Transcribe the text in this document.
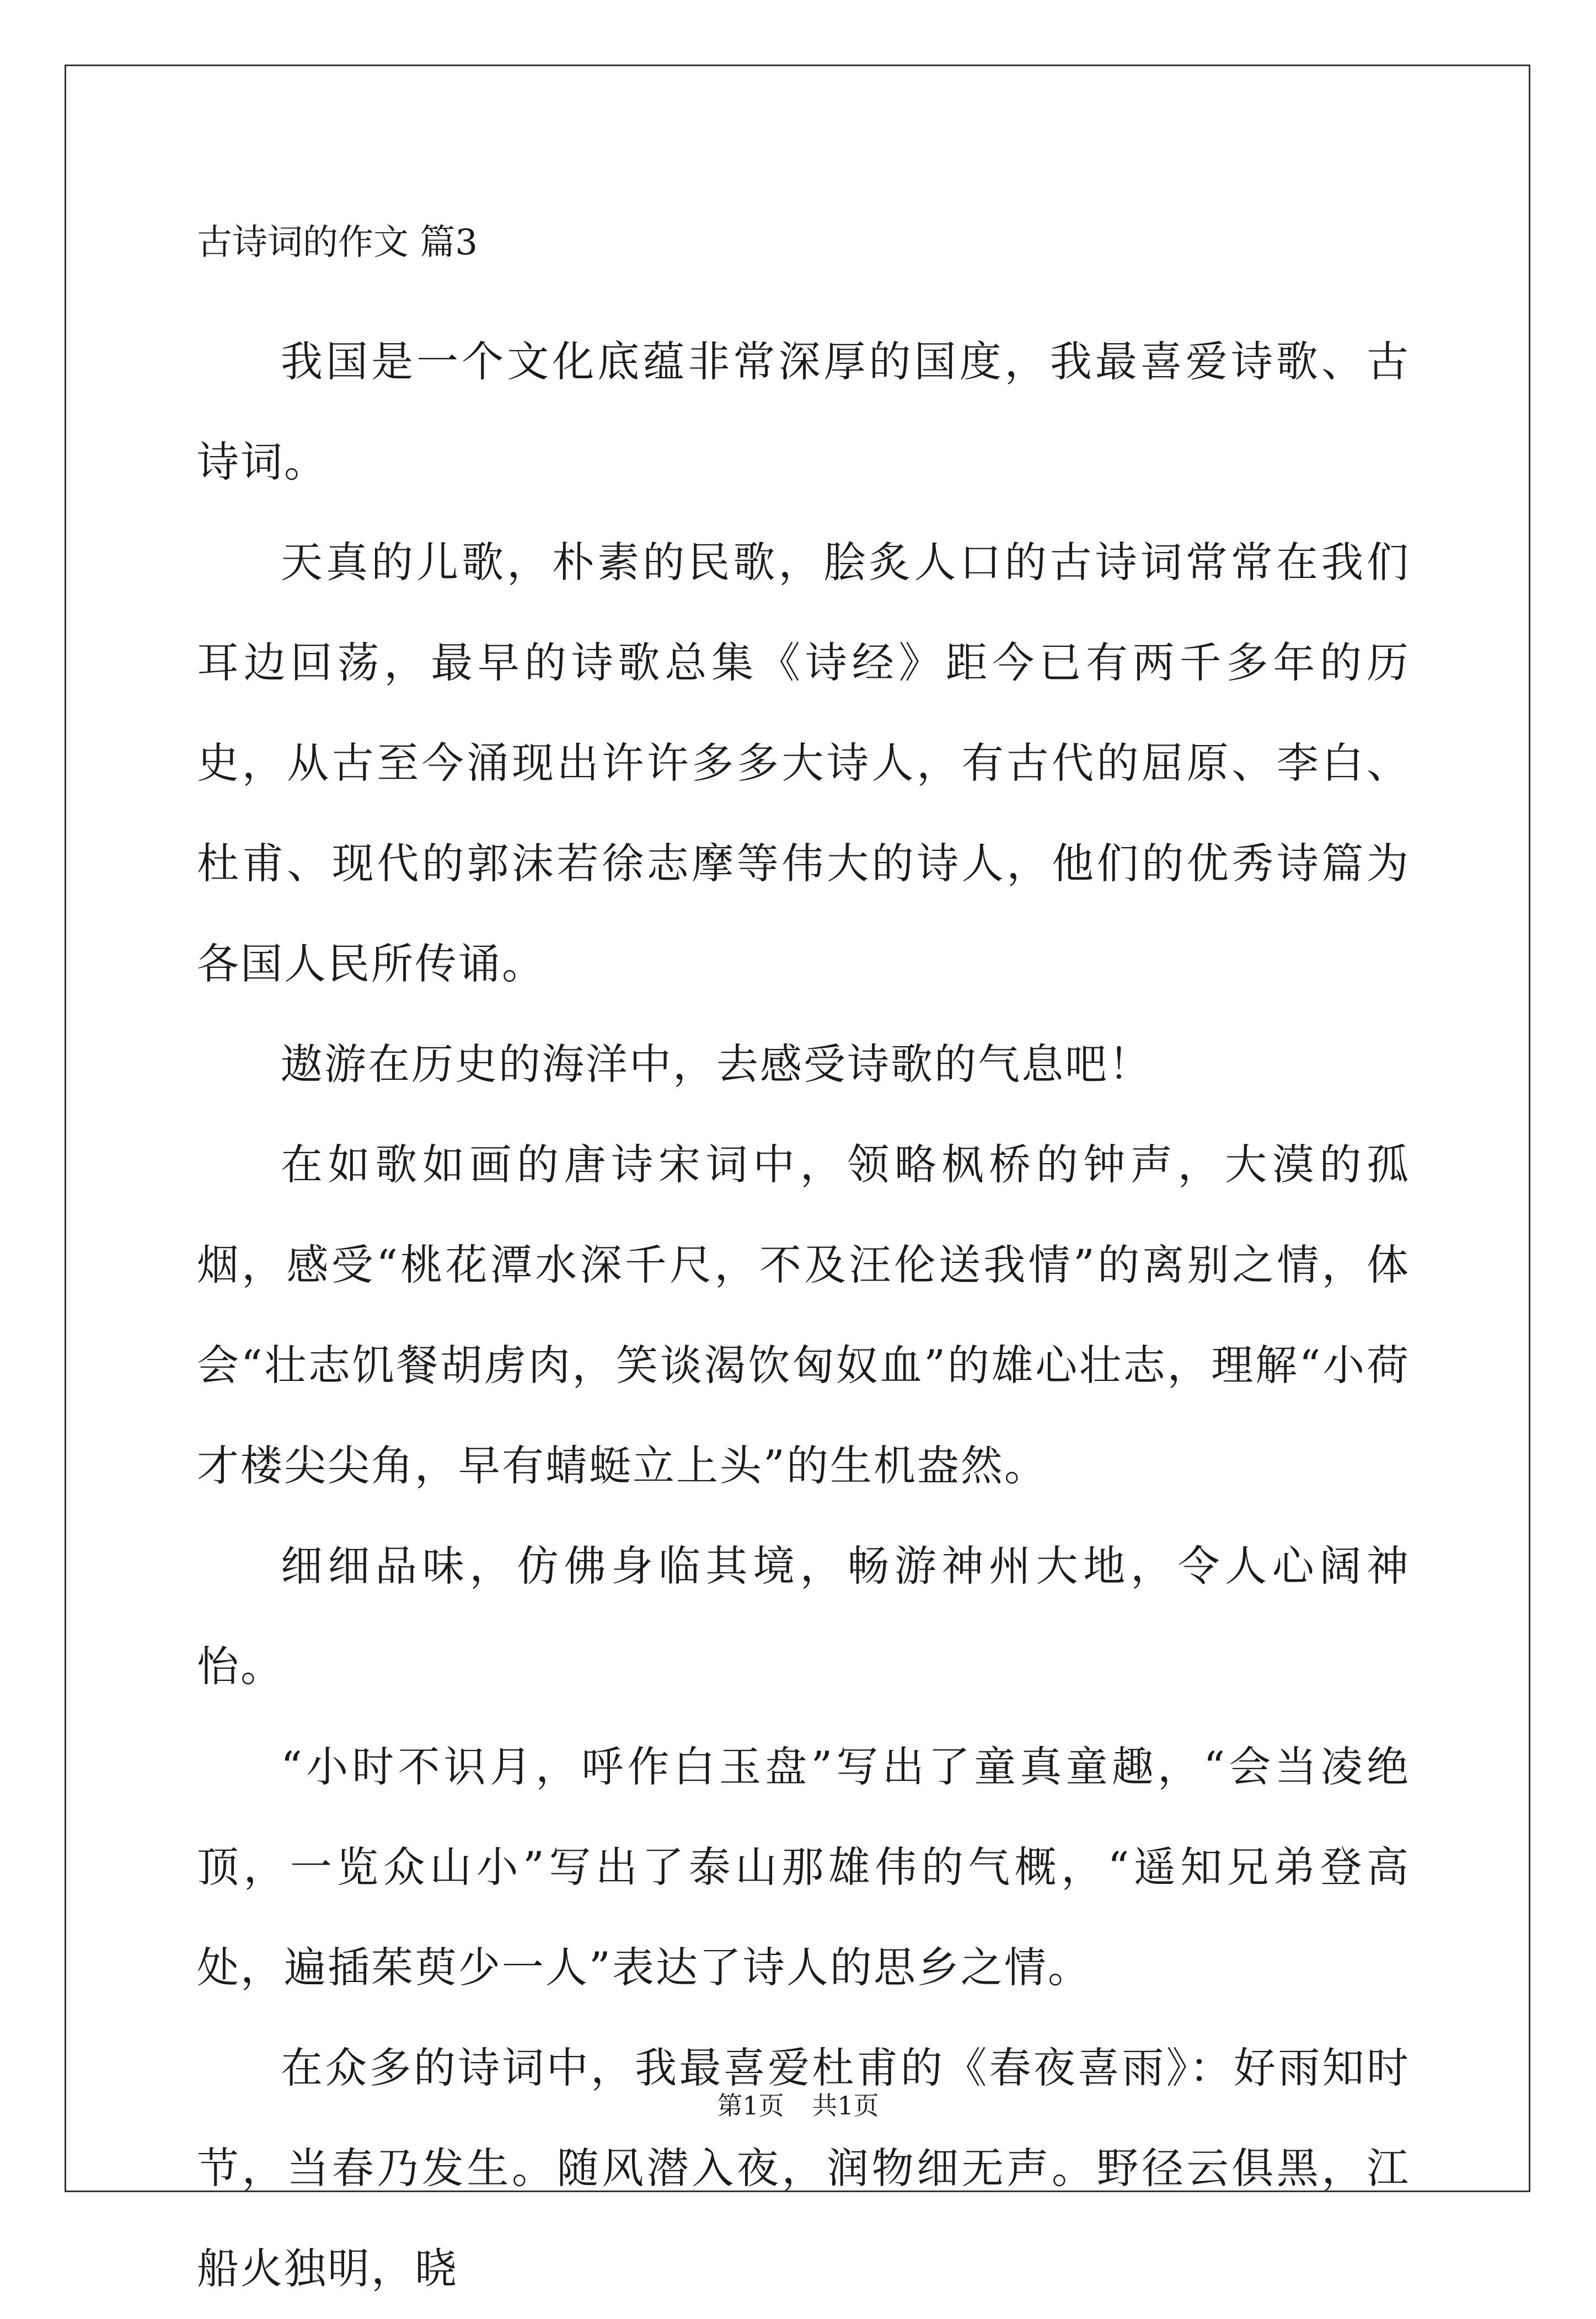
古诗词的作文 篇3

我国是一个文化底蕴非常深厚的国度，我最喜爱诗歌、古诗词。

天真的儿歌，朴素的民歌，脍炙人口的古诗词常常在我们耳边回荡，最早的诗歌总集《诗经》距今已有两千多年的历史，从古至今涌现出许许多多大诗人，有古代的屈原、李白、杜甫、现代的郭沫若徐志摩等伟大的诗人，他们的优秀诗篇为各国人民所传诵。

遨游在历史的海洋中，去感受诗歌的气息吧！

在如歌如画的唐诗宋词中，领略枫桥的钟声，大漠的孤烟，感受“桃花潭水深千尺，不及汪伦送我情”的离别之情，体会“壮志饥餐胡虏肉，笑谈渴饮匈奴血”的雄心壮志，理解“小荷才楼尖尖角，早有蜻蜓立上头”的生机盎然。

细细品味，仿佛身临其境，畅游神州大地，令人心阔神怡。

“小时不识月，呼作白玉盘”写出了童真童趣，“会当凌绝顶，一览众山小”写出了泰山那雄伟的气概，“遥知兄弟登高处，遍插茱萸少一人”表达了诗人的思乡之情。

在众多的诗词中，我最喜爱杜甫的《春夜喜雨》：好雨知时节，当春乃发生。随风潜入夜，润物细无声。野径云俱黑，江船火独明，晓

第1页 共1页
